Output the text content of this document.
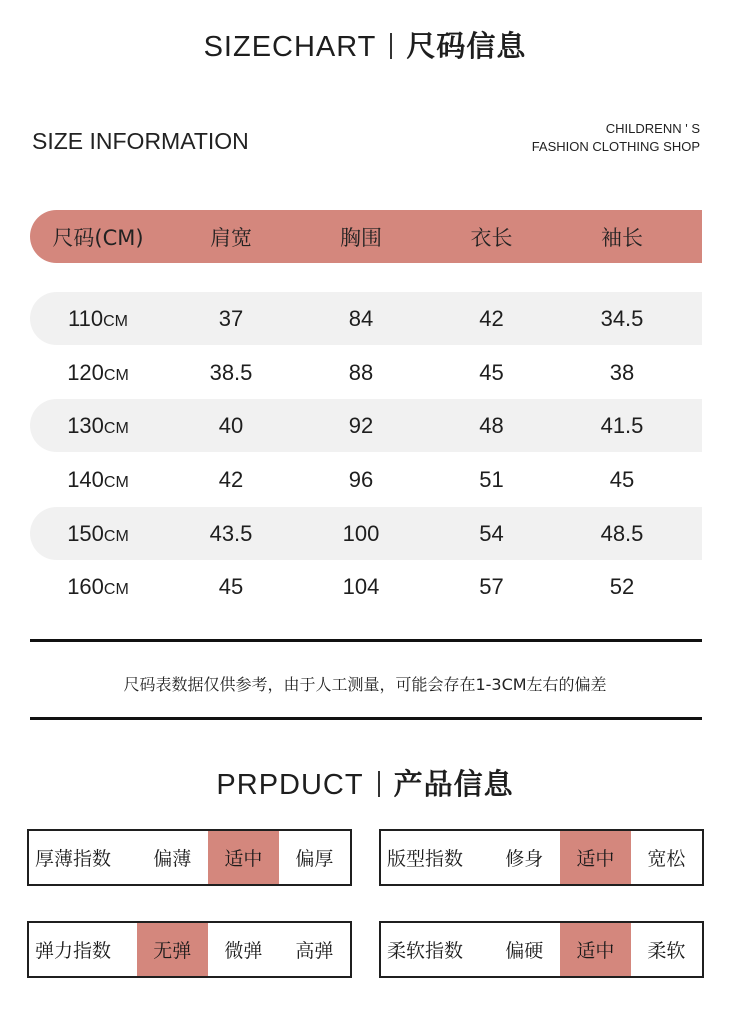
SIZECHART 尺码信息
SIZE INFORMATION	CHILDRENN ' S
FASHION CLOTHING SHOP
尺码(CM)	肩宽	胸围	衣长	袖长
110CM	37	84	42	34.5
120CM	38.5	88	45	38
130CM	40	92	48	41.5
140CM	42	96	51	45
150CM	43.5	100	54	48.5
160CM	45	104	57	52
尺码表数据仅供参考，由于人工测量，可能会存在1-3CM左右的偏差
PRPDUCT 产品信息
厚薄指数	偏薄	适中	偏厚	版型指数	修身	适中	宽松
弹力指数	无弹	微弹	高弹	柔软指数	偏硬	适中	柔软
